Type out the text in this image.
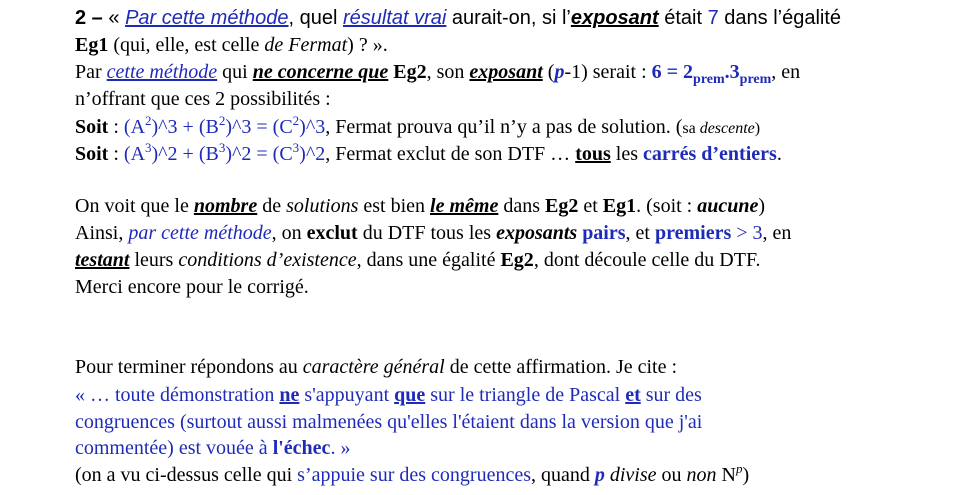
2 – « Par cette méthode, quel résultat vrai aurait-on, si l’exposant était 7 dans l’égalité
Eg1 (qui, elle, est celle de Fermat) ? ».
Par cette méthode qui ne concerne que Eg2, son exposant (p-1) serait : $6 = 2_{prem}.3_{prem}$, en
n’offrant que ces 2 possibilités :
Soit : $(A^2)\^{}3$ + $(B^2)\^{}3$ = $(C^2)\^{}3$, Fermat prouva qu’il n’y a pas de solution. (sa descente)
Soit : $(A^3)\^{}2$ + $(B^3)\^{}2$ = $(C^3)\^{}2$, Fermat exclut de son DTF … tous les carrés d’entiers.
On voit que le nombre de solutions est bien le même dans Eg2 et Eg1. (soit : aucune)
Ainsi, par cette méthode, on exclut du DTF tous les exposants pairs, et premiers > 3, en
testant leurs conditions d’existence, dans une égalité Eg2, dont découle celle du DTF.
Merci encore pour le corrigé.
Pour terminer répondons au caractère général de cette affirmation. Je cite :
« … toute démonstration ne s'appuyant que sur le triangle de Pascal et sur des
congruences (surtout aussi malmenées qu'elles l'étaient dans la version que j'ai
commentée) est vouée à l'échec. »
(on a vu ci-dessus celle qui s’appuie sur des congruences, quand p divise ou non $N^p$)
